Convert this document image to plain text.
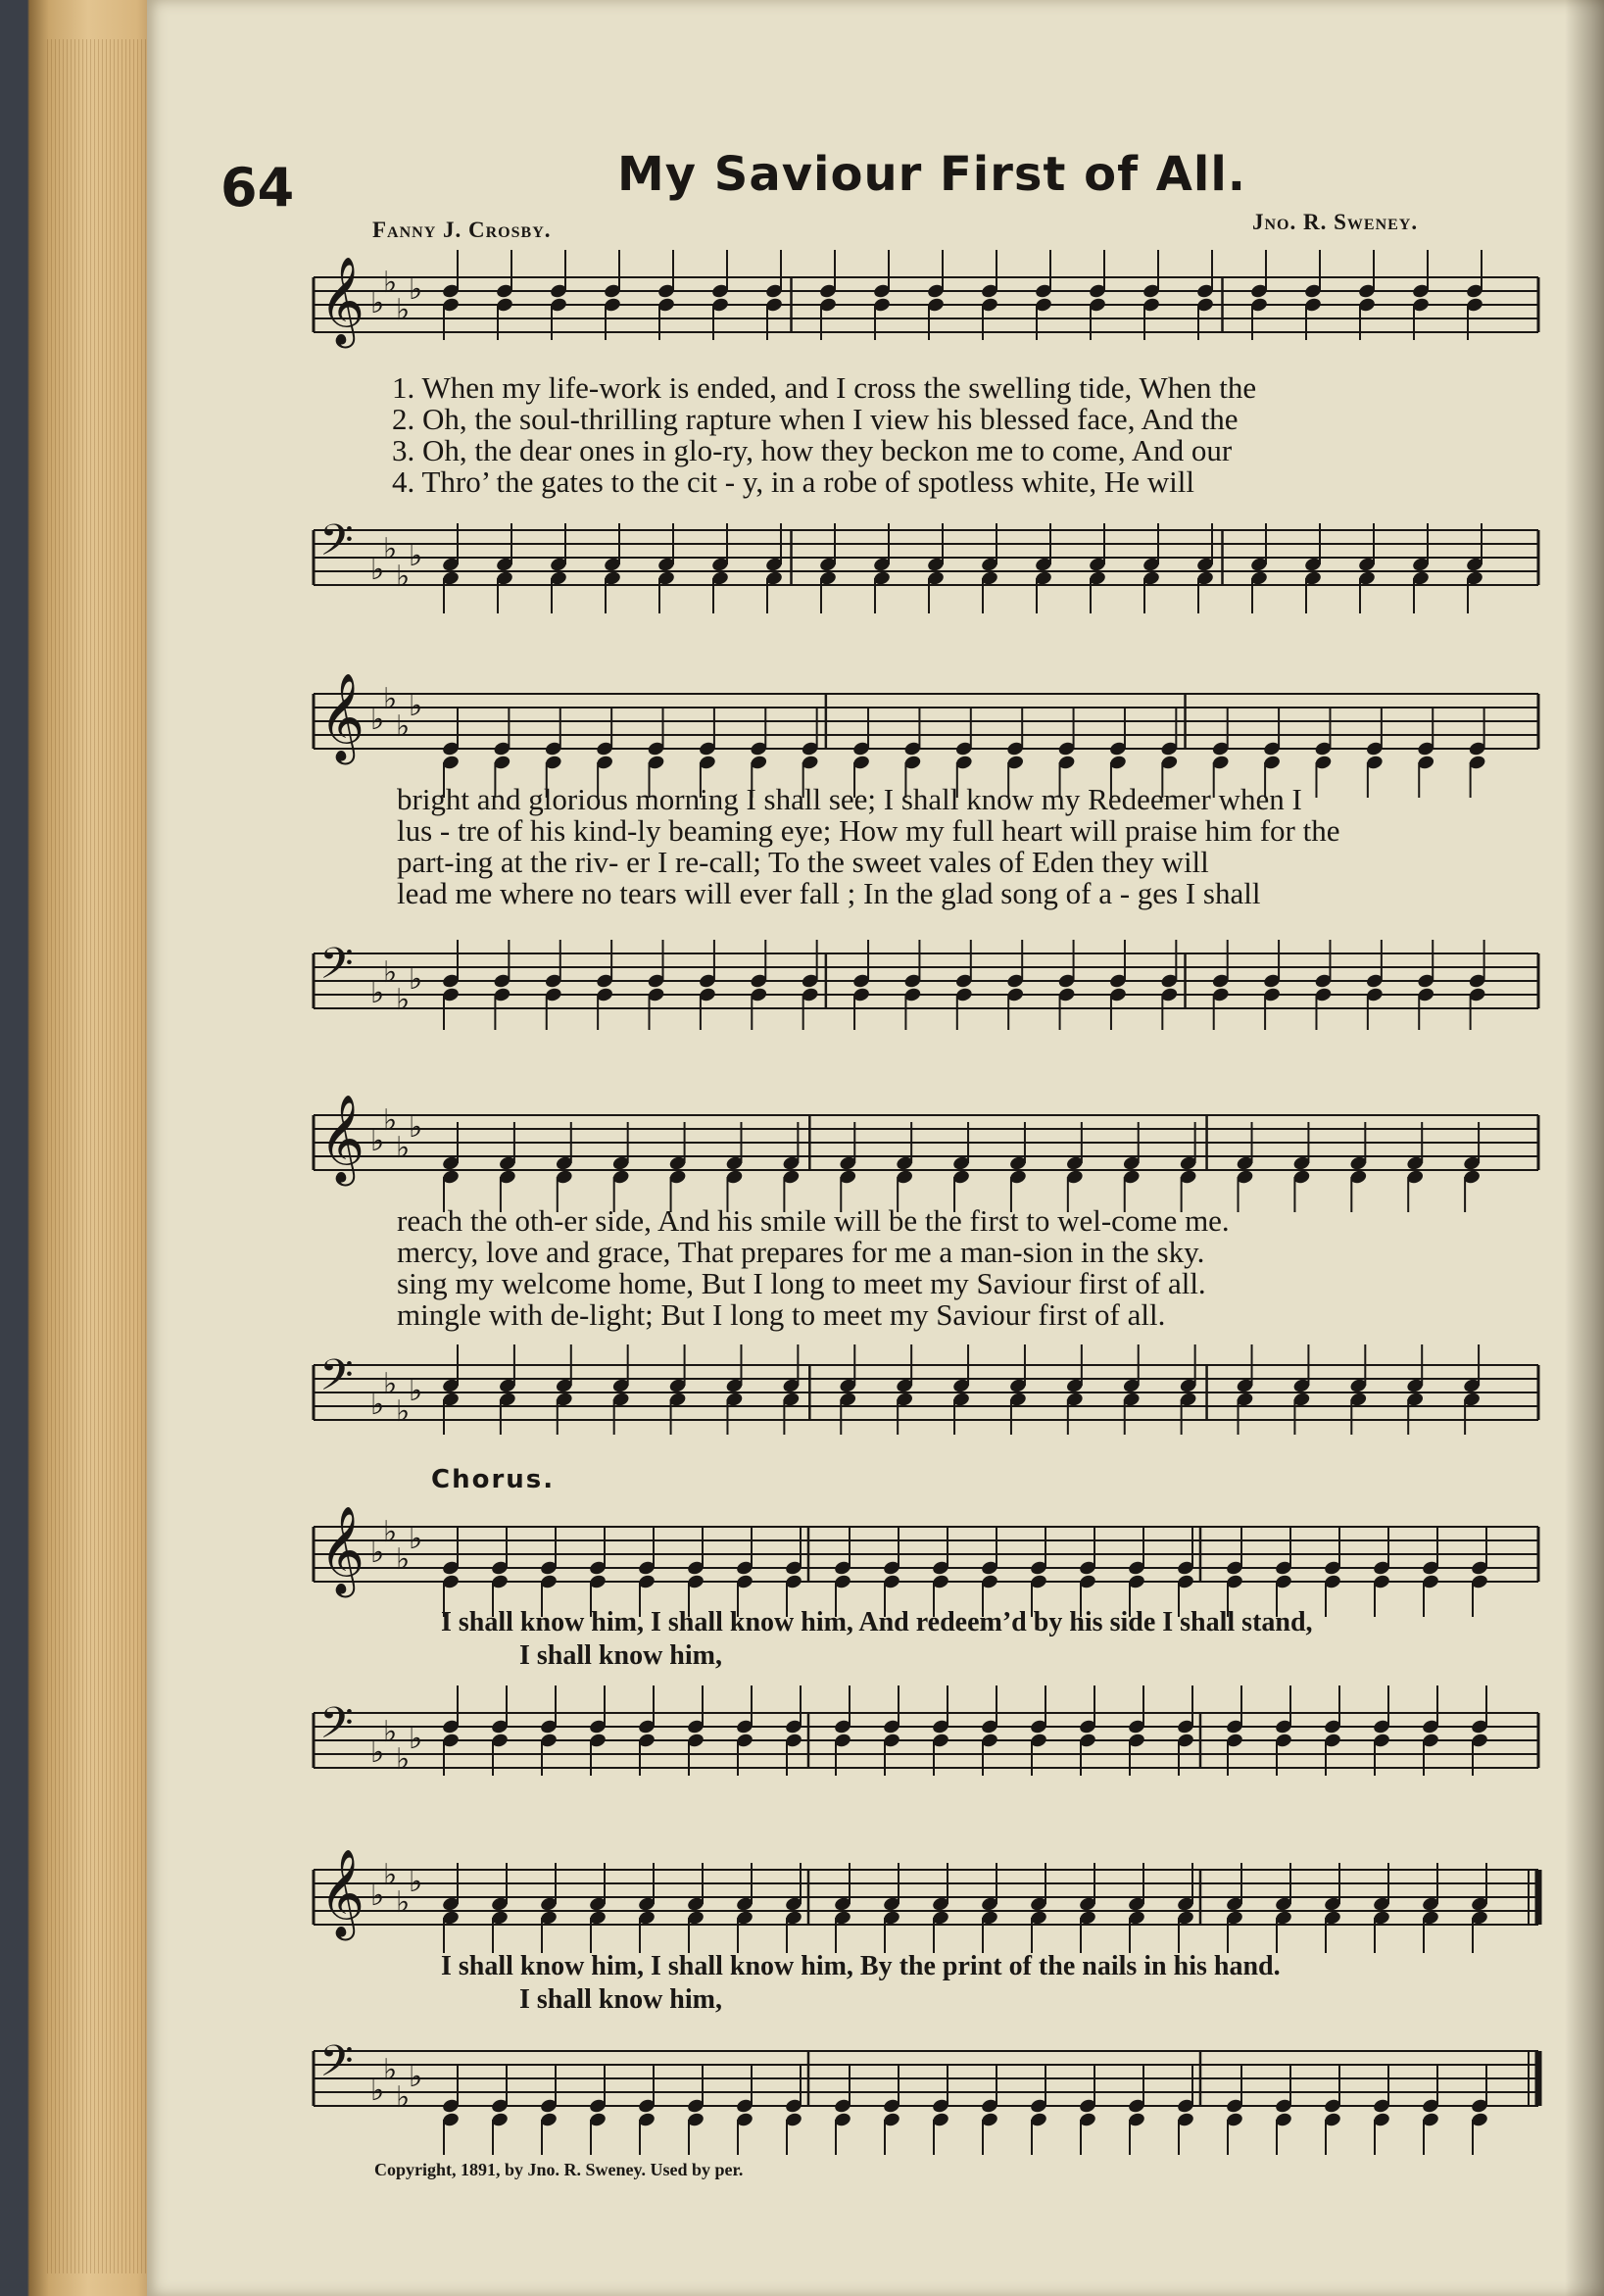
64	My Saviour First of All.
Fanny J. Crosby.	Jno. R. Sweney.
𝄞 ♭
♭
♭
♭
1. When my life-work is ended, and I cross the swelling tide, When the
2. Oh, the soul-thrilling rapture when I view his blessed face, And the
3. Oh, the dear ones in glo-ry, how they beckon me to come, And our
4. Thro’ the gates to the cit - y, in a robe of spotless white, He will
𝄢 ♭
♭
♭
♭
𝄞 ♭
♭
♭
♭
bright and glorious morning I shall see; I shall know my Redeemer when I
lus - tre of his kind-ly beaming eye; How my full heart will praise him for the
part-ing at the riv- er I re-call; To the sweet vales of Eden they will
lead me where no tears will ever fall ; In the glad song of a - ges I shall
𝄢 ♭
♭
♭
♭
𝄞 ♭
♭
♭
♭
reach the oth-er side, And his smile will be the first to wel-come me.
mercy, love and grace, That prepares for me a man-sion in the sky.
sing my welcome home, But I long to meet my Saviour first of all.
mingle with de-light; But I long to meet my Saviour first of all.
𝄢 ♭
♭
♭
♭
Chorus.
𝄞 ♭
♭
♭
♭
I shall know him, I shall know him, And redeem’d by his side I shall stand,
I shall know him,
𝄢 ♭
♭
♭
♭
𝄞 ♭
♭
♭
♭
I shall know him, I shall know him, By the print of the nails in his hand.
I shall know him,
𝄢 ♭
♭
♭
♭
Copyright, 1891, by Jno. R. Sweney. Used by per.
